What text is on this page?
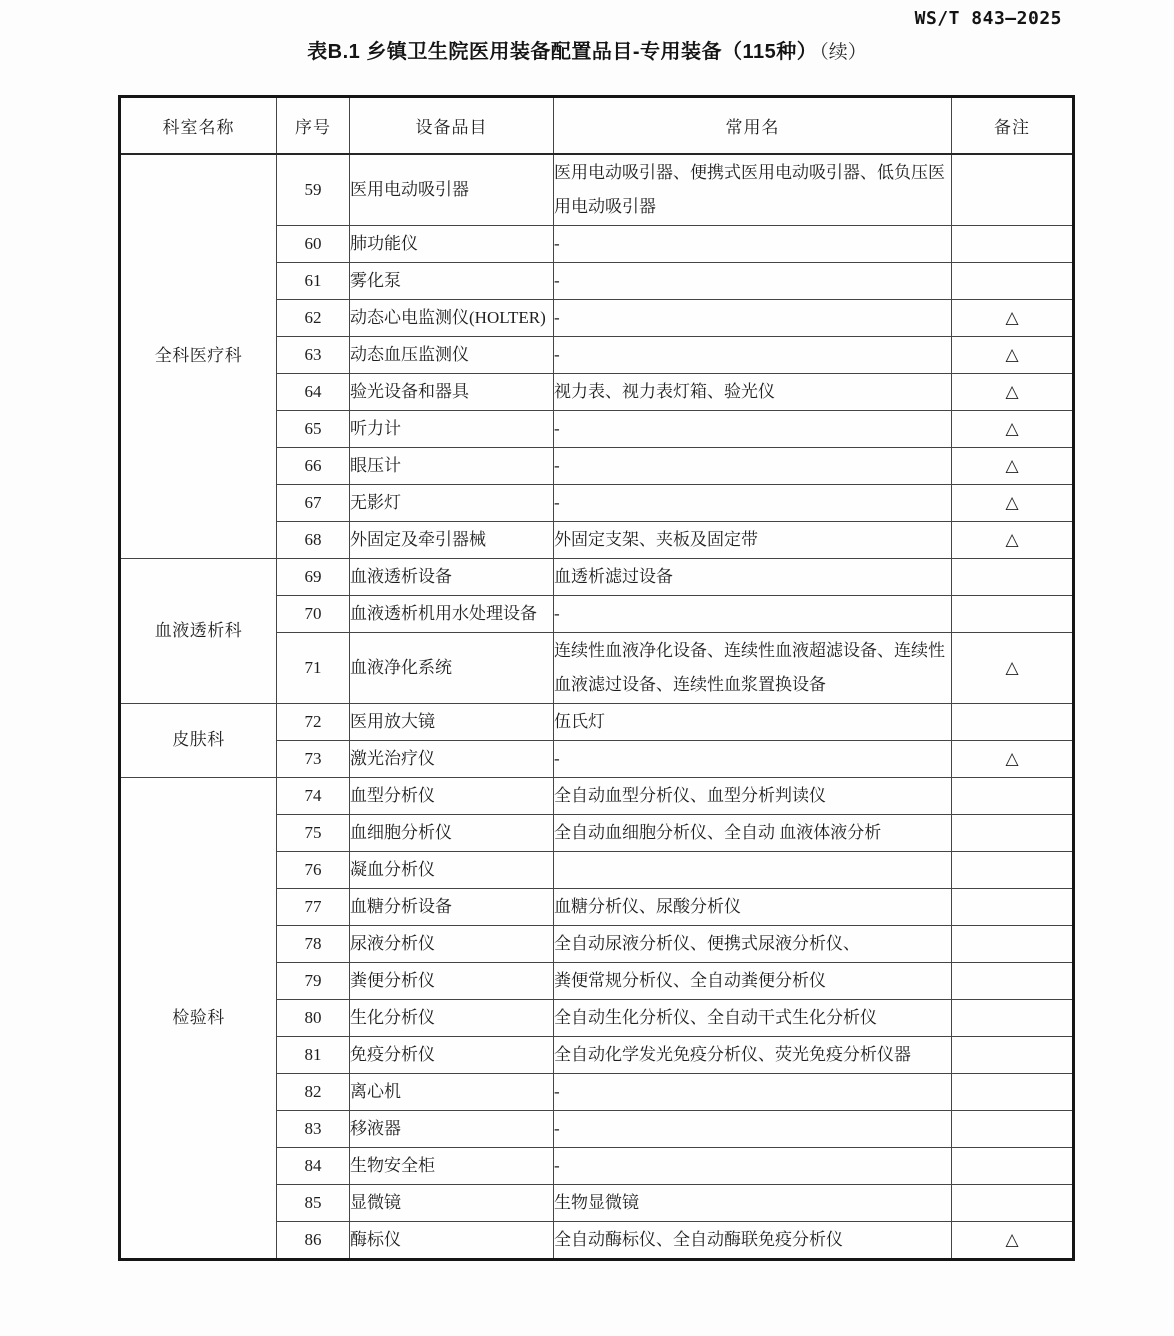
WS/T 843—2025
表B.1 乡镇卫生院医用装备配置品目-专用装备（115种） （续）
科室名称	序号	设备品目	常用名	备注
全科医疗科	59	医用电动吸引器	医用电动吸引器、便携式医用电动吸引器、低负压医用电动吸引器	
	60	肺功能仪	-	
	61	雾化泵	-	
	62	动态心电监测仪(HOLTER)	-	△
	63	动态血压监测仪	-	△
	64	验光设备和器具	视力表、视力表灯箱、验光仪	△
	65	听力计	-	△
	66	眼压计	-	△
	67	无影灯	-	△
	68	外固定及牵引器械	外固定支架、夹板及固定带	△
血液透析科	69	血液透析设备	血透析滤过设备	
	70	血液透析机用水处理设备	-	
	71	血液净化系统	连续性血液净化设备、连续性血液超滤设备、连续性血液滤过设备、连续性血浆置换设备	△
皮肤科	72	医用放大镜	伍氏灯	
	73	激光治疗仪	-	△
检验科	74	血型分析仪	全自动血型分析仪、血型分析判读仪	
	75	血细胞分析仪	全自动血细胞分析仪、全自动 血液体液分析	
	76	凝血分析仪		
	77	血糖分析设备	血糖分析仪、尿酸分析仪	
	78	尿液分析仪	全自动尿液分析仪、便携式尿液分析仪、	
	79	粪便分析仪	粪便常规分析仪、全自动粪便分析仪	
	80	生化分析仪	全自动生化分析仪、全自动干式生化分析仪	
	81	免疫分析仪	全自动化学发光免疫分析仪、荧光免疫分析仪器	
	82	离心机	-	
	83	移液器	-	
	84	生物安全柜	-	
	85	显微镜	生物显微镜	
	86	酶标仪	全自动酶标仪、全自动酶联免疫分析仪	△
